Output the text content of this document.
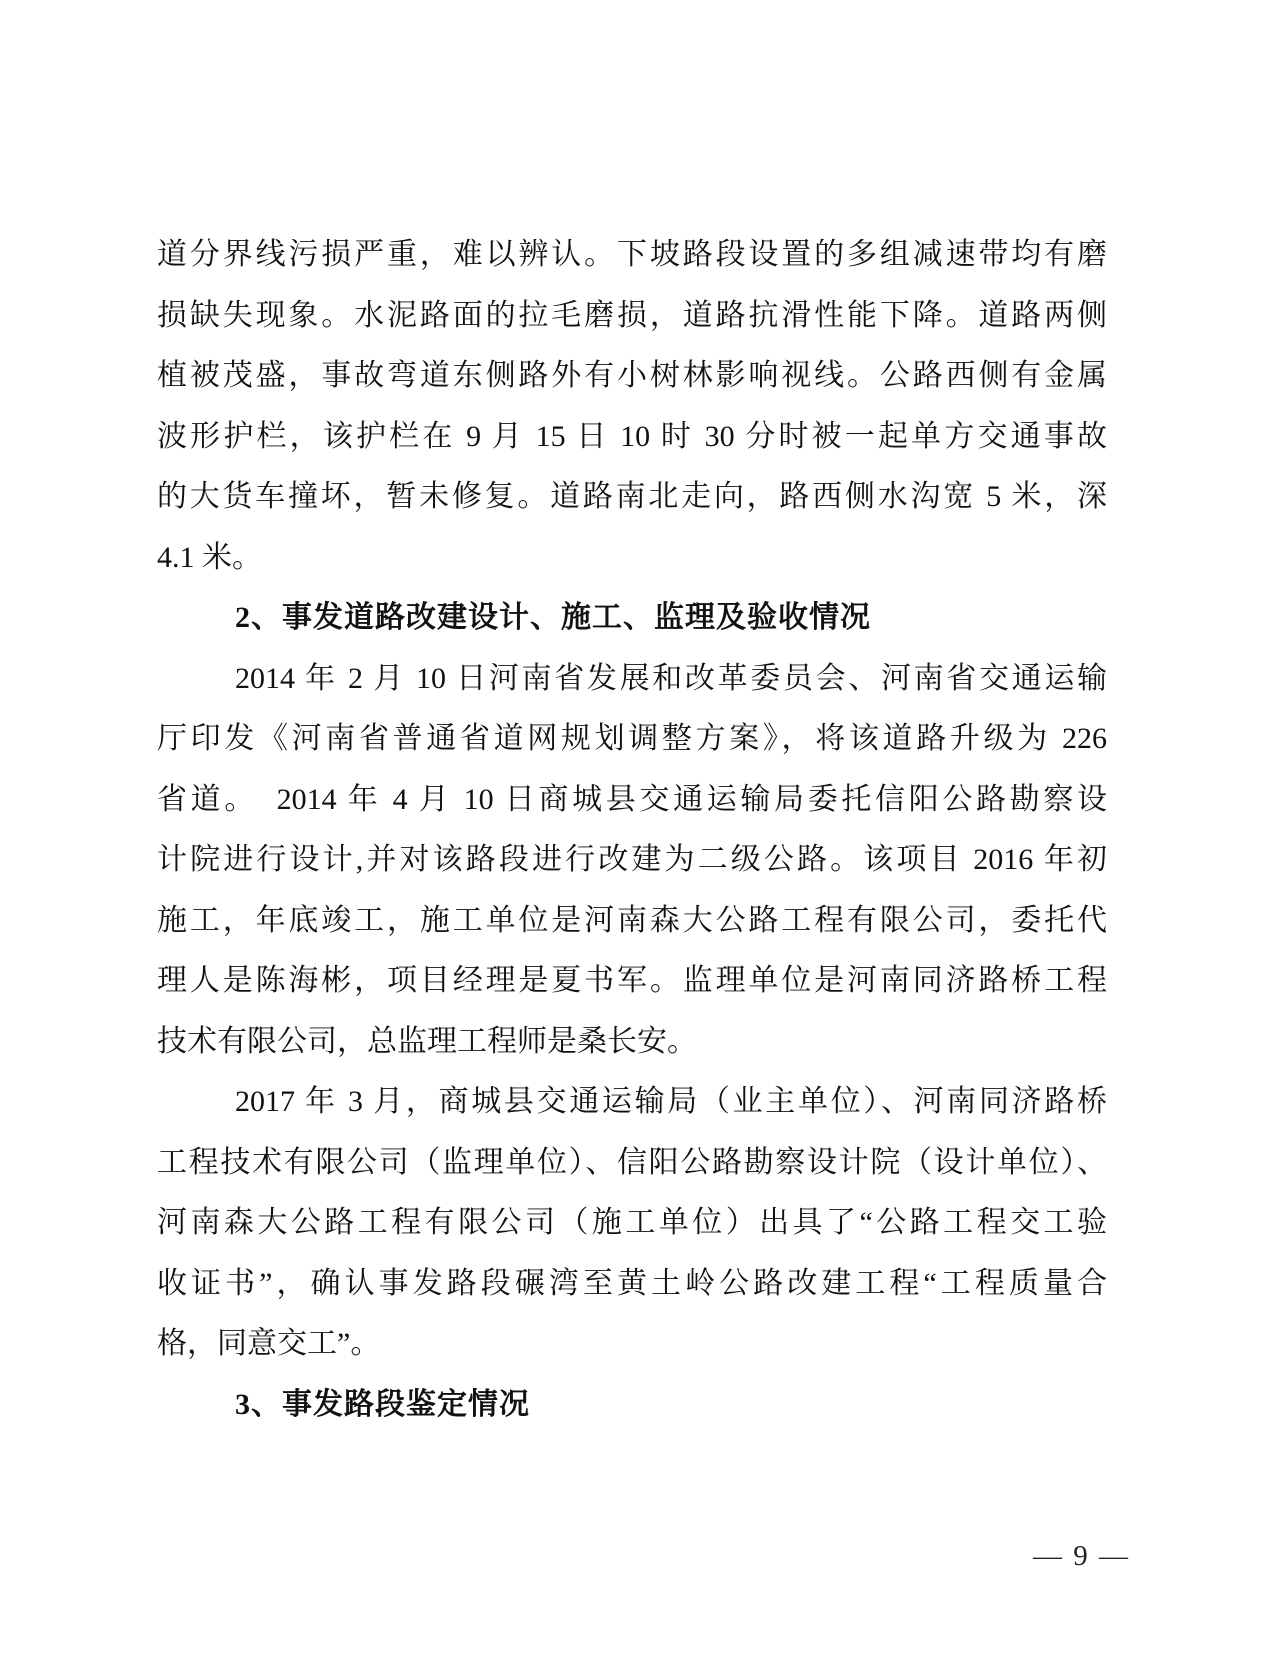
道分界线污损严重，难以辨认。下坡路段设置的多组减速带均有磨
损缺失现象。水泥路面的拉毛磨损，道路抗滑性能下降。道路两侧
植被茂盛，事故弯道东侧路外有小树林影响视线。公路西侧有金属
波形护栏，该护栏在 9 月 15 日 10 时 30 分时被一起单方交通事故
的大货车撞坏，暂未修复。道路南北走向，路西侧水沟宽 5 米，深
4.1 米。
2、事发道路改建设计、施工、监理及验收情况
2014 年 2 月 10 日河南省发展和改革委员会、河南省交通运输
厅印发《河南省普通省道网规划调整方案》，将该道路升级为 226
省道。　2014 年 4 月 10 日商城县交通运输局委托信阳公路勘察设
计院进行设计,并对该路段进行改建为二级公路。该项目 2016 年初
施工，年底竣工，施工单位是河南森大公路工程有限公司，委托代
理人是陈海彬，项目经理是夏书军。监理单位是河南同济路桥工程
技术有限公司，总监理工程师是桑长安。
2017 年 3 月，商城县交通运输局（业主单位）、河南同济路桥
工程技术有限公司（监理单位）、信阳公路勘察设计院（设计单位）、
河南森大公路工程有限公司（施工单位）出具了“公路工程交工验
收证书”，确认事发路段碾湾至黄土岭公路改建工程“工程质量合
格，同意交工”。
3、事发路段鉴定情况
— 9 —
